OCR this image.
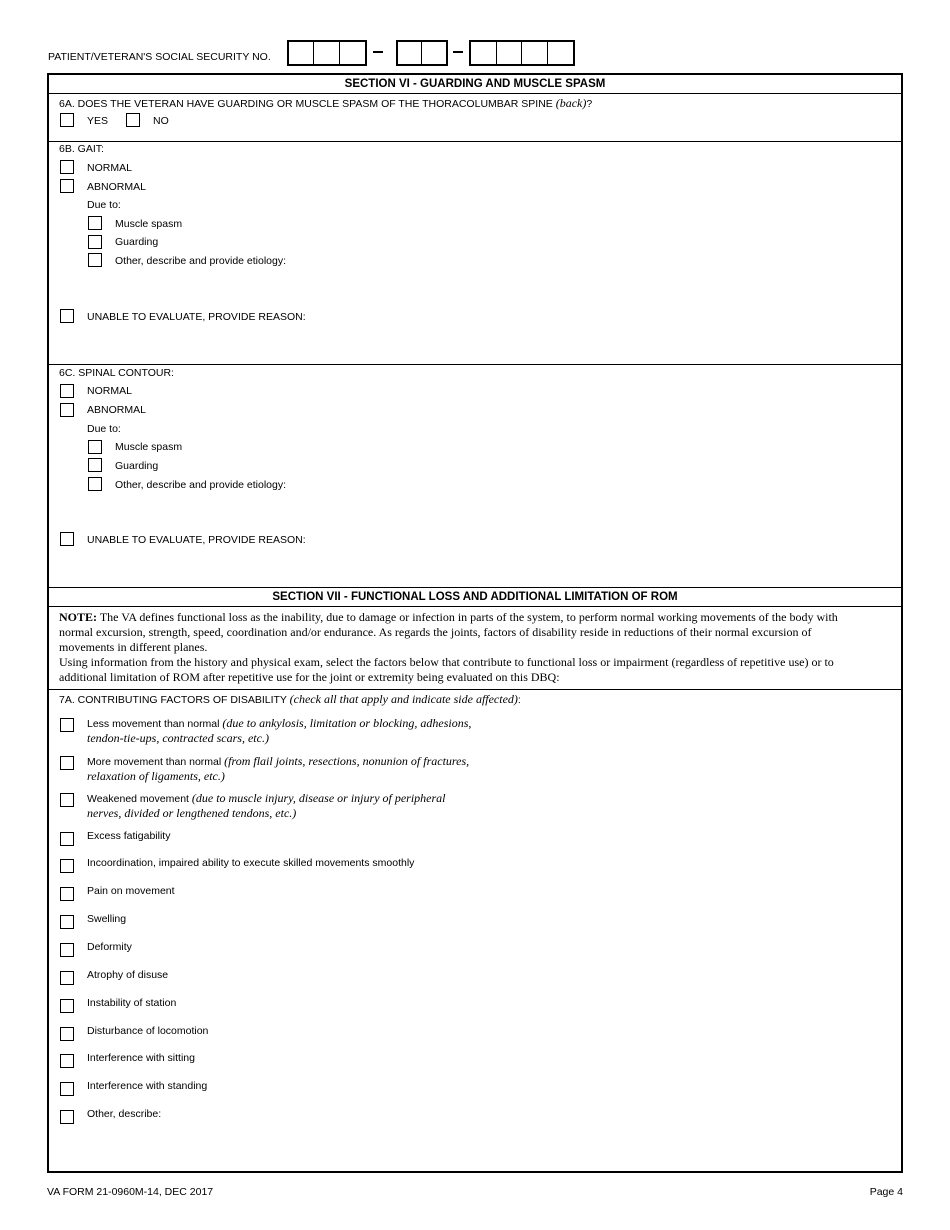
PATIENT/VETERAN'S SOCIAL SECURITY NO.
SECTION VI - GUARDING AND MUSCLE SPASM
6A. DOES THE VETERAN HAVE GUARDING OR MUSCLE SPASM OF THE THORACOLUMBAR SPINE (back)?
YES	NO
6B. GAIT:
NORMAL
ABNORMAL
Due to:
Muscle spasm
Guarding
Other, describe and provide etiology:
UNABLE TO EVALUATE, PROVIDE REASON:
6C. SPINAL CONTOUR:
NORMAL
ABNORMAL
Due to:
Muscle spasm
Guarding
Other, describe and provide etiology:
UNABLE TO EVALUATE, PROVIDE REASON:
SECTION VII - FUNCTIONAL LOSS AND ADDITIONAL LIMITATION OF ROM
NOTE: The VA defines functional loss as the inability, due to damage or infection in parts of the system, to perform normal working movements of the body with
normal excursion, strength, speed, coordination and/or endurance. As regards the joints, factors of disability reside in reductions of their normal excursion of
movements in different planes.
Using information from the history and physical exam, select the factors below that contribute to functional loss or impairment (regardless of repetitive use) or to
additional limitation of ROM after repetitive use for the joint or extremity being evaluated on this DBQ:
7A. CONTRIBUTING FACTORS OF DISABILITY (check all that apply and indicate side affected):
Less movement than normal (due to ankylosis, limitation or blocking, adhesions,
tendon-tie-ups, contracted scars, etc.)
More movement than normal (from flail joints, resections, nonunion of fractures,
relaxation of ligaments, etc.)
Weakened movement (due to muscle injury, disease or injury of peripheral
nerves, divided or lengthened tendons, etc.)
Excess fatigability
Incoordination, impaired ability to execute skilled movements smoothly
Pain on movement
Swelling
Deformity
Atrophy of disuse
Instability of station
Disturbance of locomotion
Interference with sitting
Interference with standing
Other, describe:
VA FORM 21-0960M-14, DEC 2017	Page 4
